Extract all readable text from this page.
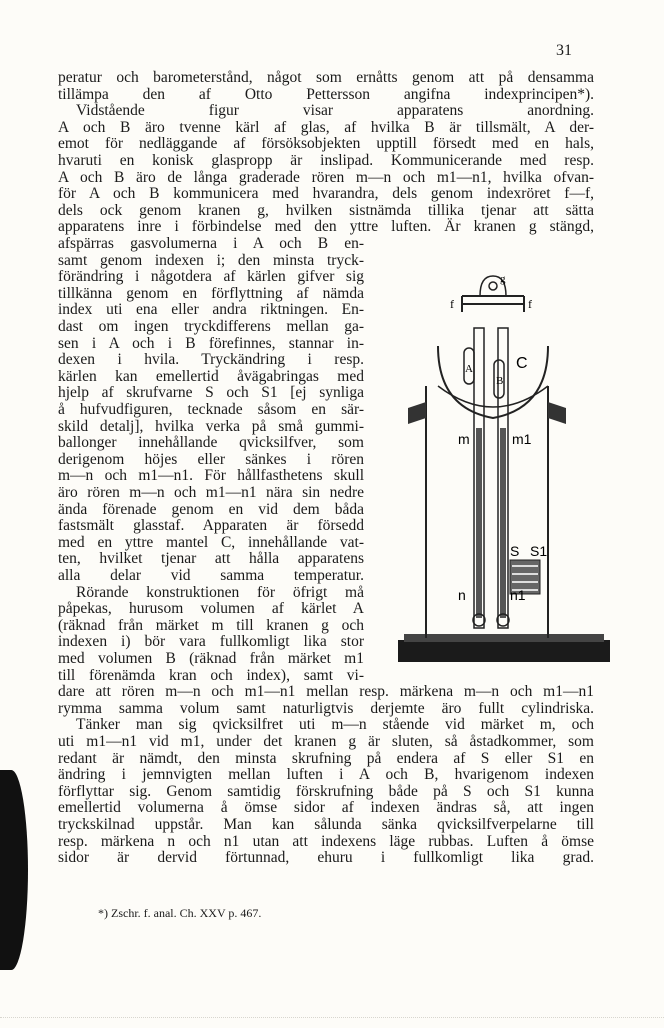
31
peratur och barometerstånd, något som ernåtts genom att på densamma
tillämpa den af Otto Pettersson angifna indexprincipen*).
Vidstående figur visar apparatens anordning.
A och B äro tvenne kärl af glas, af hvilka B är tillsmält, A der-
emot för nedläggande af försöksobjekten upptill försedt med en hals,
hvaruti en konisk glaspropp är inslipad. Kommunicerande med resp.
A och B äro de långa graderade rören m—n och m1—n1, hvilka ofvan-
för A och B kommunicera med hvarandra, dels genom indexröret f—f,
dels ock genom kranen g, hvilken sistnämda tillika tjenar att sätta
apparatens inre i förbindelse med den yttre luften. Är kranen g stängd,
afspärras gasvolumerna i A och B en-
samt genom indexen i; den minsta tryck-
förändring i någotdera af kärlen gifver sig
tillkänna genom en förflyttning af nämda
index uti ena eller andra riktningen. En-
dast om ingen tryckdifferens mellan ga-
sen i A och i B förefinnes, stannar in-
dexen i hvila. Tryckändring i resp.
kärlen kan emellertid åvägabringas med
hjelp af skrufvarne S och S1 [ej synliga
å hufvudfiguren, tecknade såsom en sär-
skild detalj], hvilka verka på små gummi-
ballonger innehållande qvicksilfver, som
derigenom höjes eller sänkes i rören
m—n och m1—n1. För hållfasthetens skull
äro rören m—n och m1—n1 nära sin nedre
ända förenade genom en vid dem båda
fastsmält glasstaf. Apparaten är försedd
med en yttre mantel C, innehållande vat-
ten, hvilket tjenar att hålla apparatens
alla delar vid samma temperatur.
Rörande konstruktionen för öfrigt må
påpekas, hurusom volumen af kärlet A
(räknad från märket m till kranen g och
indexen i) bör vara fullkomligt lika stor
med volumen B (räknad från märket m1
till förenämda kran och index), samt vi-
dare att rören m—n och m1—n1 mellan resp. märkena m—n och m1—n1
rymma samma volum samt naturligtvis derjemte äro fullt cylindriska.
Tänker man sig qvicksilfret uti m—n stående vid märket m, och
uti m1—n1 vid m1, under det kranen g är sluten, så åstadkommer, som
redant är nämdt, den minsta skrufning på endera af S eller S1 en
ändring i jemnvigten mellan luften i A och B, hvarigenom indexen
förflyttar sig. Genom samtidig förskrufning både på S och S1 kunna
emellertid volumerna å ömse sidor af indexen ändras så, att ingen
tryckskilnad uppstår. Man kan sålunda sänka qvicksilfverpelarne till
resp. märkena n och n1 utan att indexens läge rubbas. Luften å ömse
sidor är dervid förtunnad, ehuru i fullkomligt lika grad.
g
f	f
A
B
C
m	m1
n	n1
S S1
*) Zschr. f. anal. Ch. XXV p. 467.
